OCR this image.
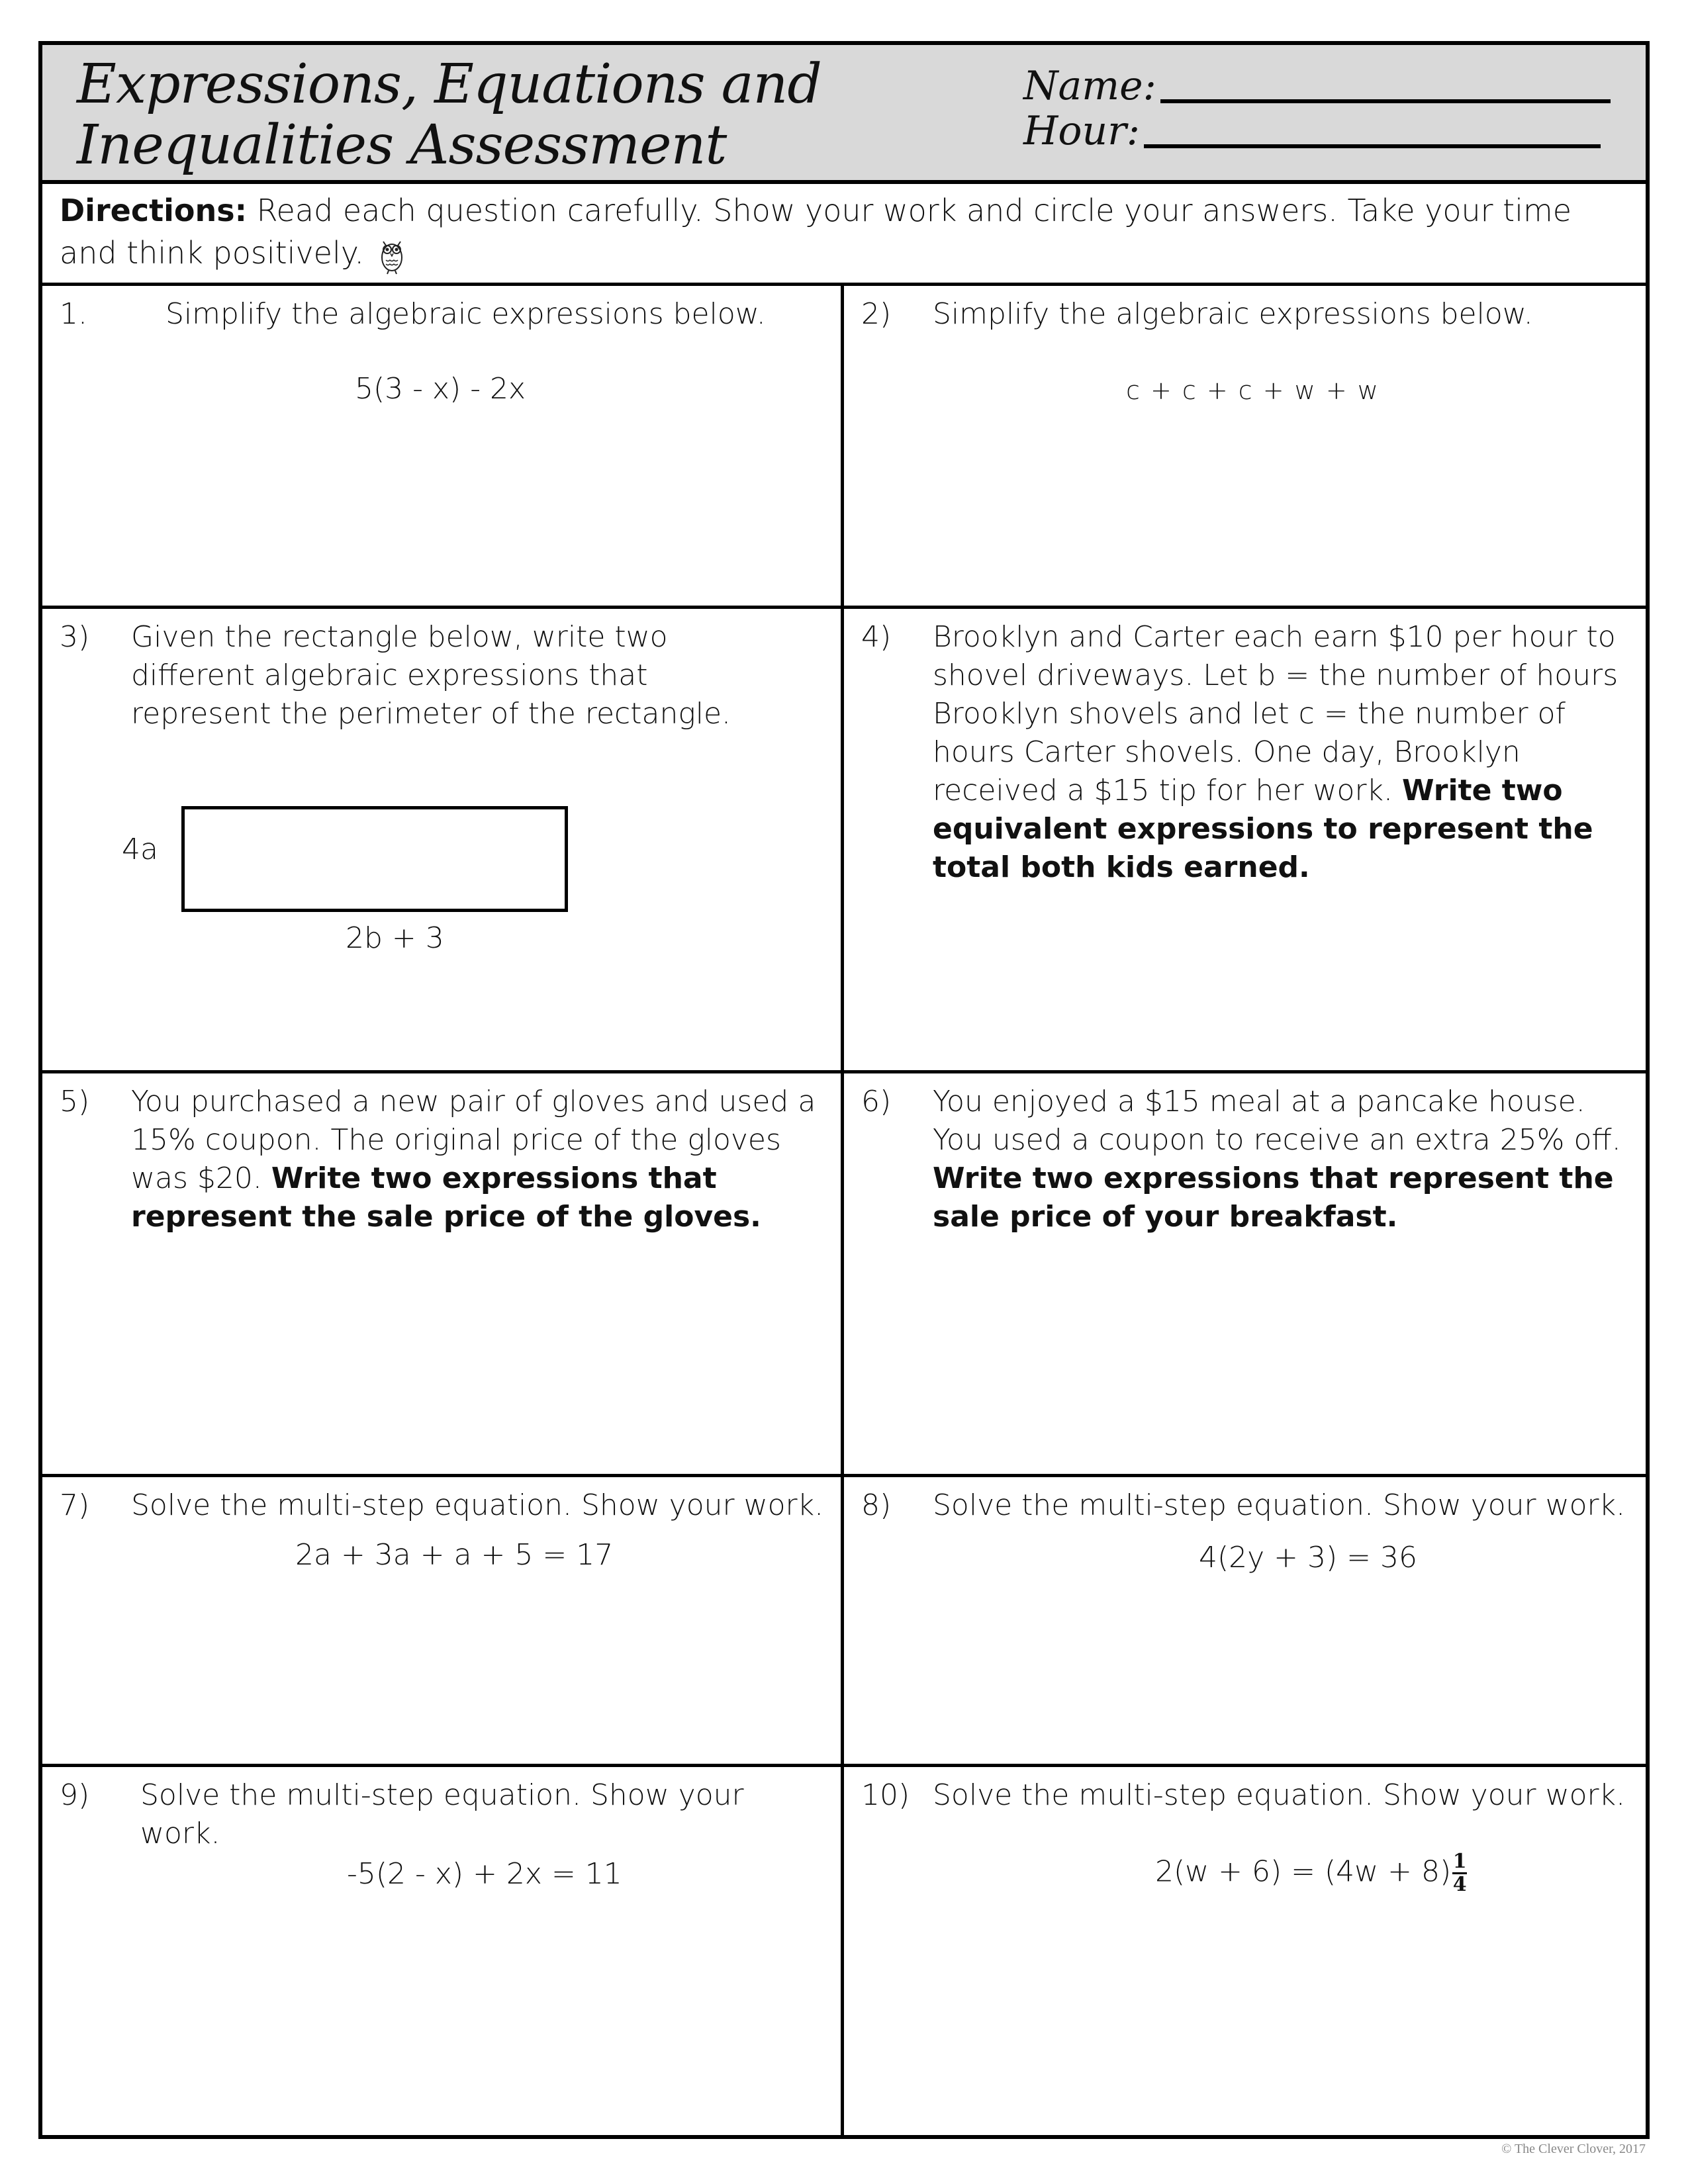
Expressions, Equations and
Inequalities Assessment
Name:
Hour:
Directions: Read each question carefully. Show your work and circle your answers. Take your time and think positively.
1.	Simplify the algebraic expressions below.
5(3 - x) - 2x
2)	Simplify the algebraic expressions below.
c + c + c + w + w
3)	Given the rectangle below, write two different algebraic expressions that represent the perimeter of the rectangle.
4a
2b + 3
4)	Brooklyn and Carter each earn $10 per hour to shovel driveways. Let b = the number of hours Brooklyn shovels and let c = the number of hours Carter shovels. One day, Brooklyn received a $15 tip for her work. Write two equivalent expressions to represent the total both kids earned.
5)	You purchased a new pair of gloves and used a 15% coupon. The original price of the gloves was $20. Write two expressions that represent the sale price of the gloves.
6)	You enjoyed a $15 meal at a pancake house. You used a coupon to receive an extra 25% off. Write two expressions that represent the sale price of your breakfast.
7)	Solve the multi-step equation. Show your work.
2a + 3a + a + 5 = 17
8)	Solve the multi-step equation. Show your work.
4(2y + 3) = 36
9)	Solve the multi-step equation. Show your work.
-5(2 - x) + 2x = 11
10) Solve the multi-step equation. Show your work.
$2(w + 6) = (4w + 8) \frac{1}{4}$
© The Clever Clover, 2017
